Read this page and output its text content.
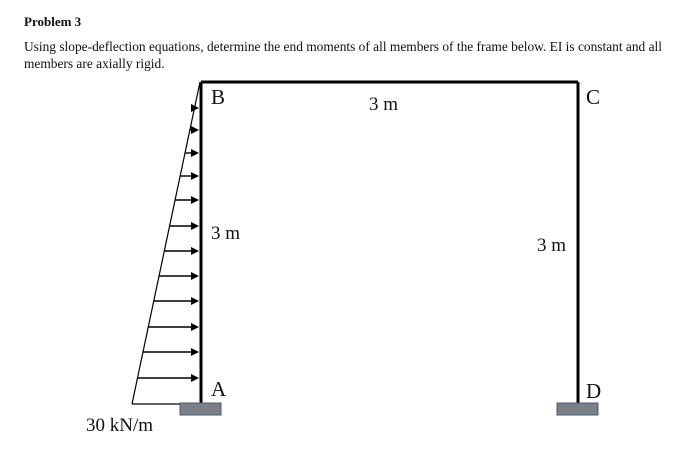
Problem 3
Using slope-deflection equations, determine the end moments of all members of the frame below. EI is constant and all members are axially rigid.
B	C
A	D
3 m
3 m
3 m
30 kN/m
